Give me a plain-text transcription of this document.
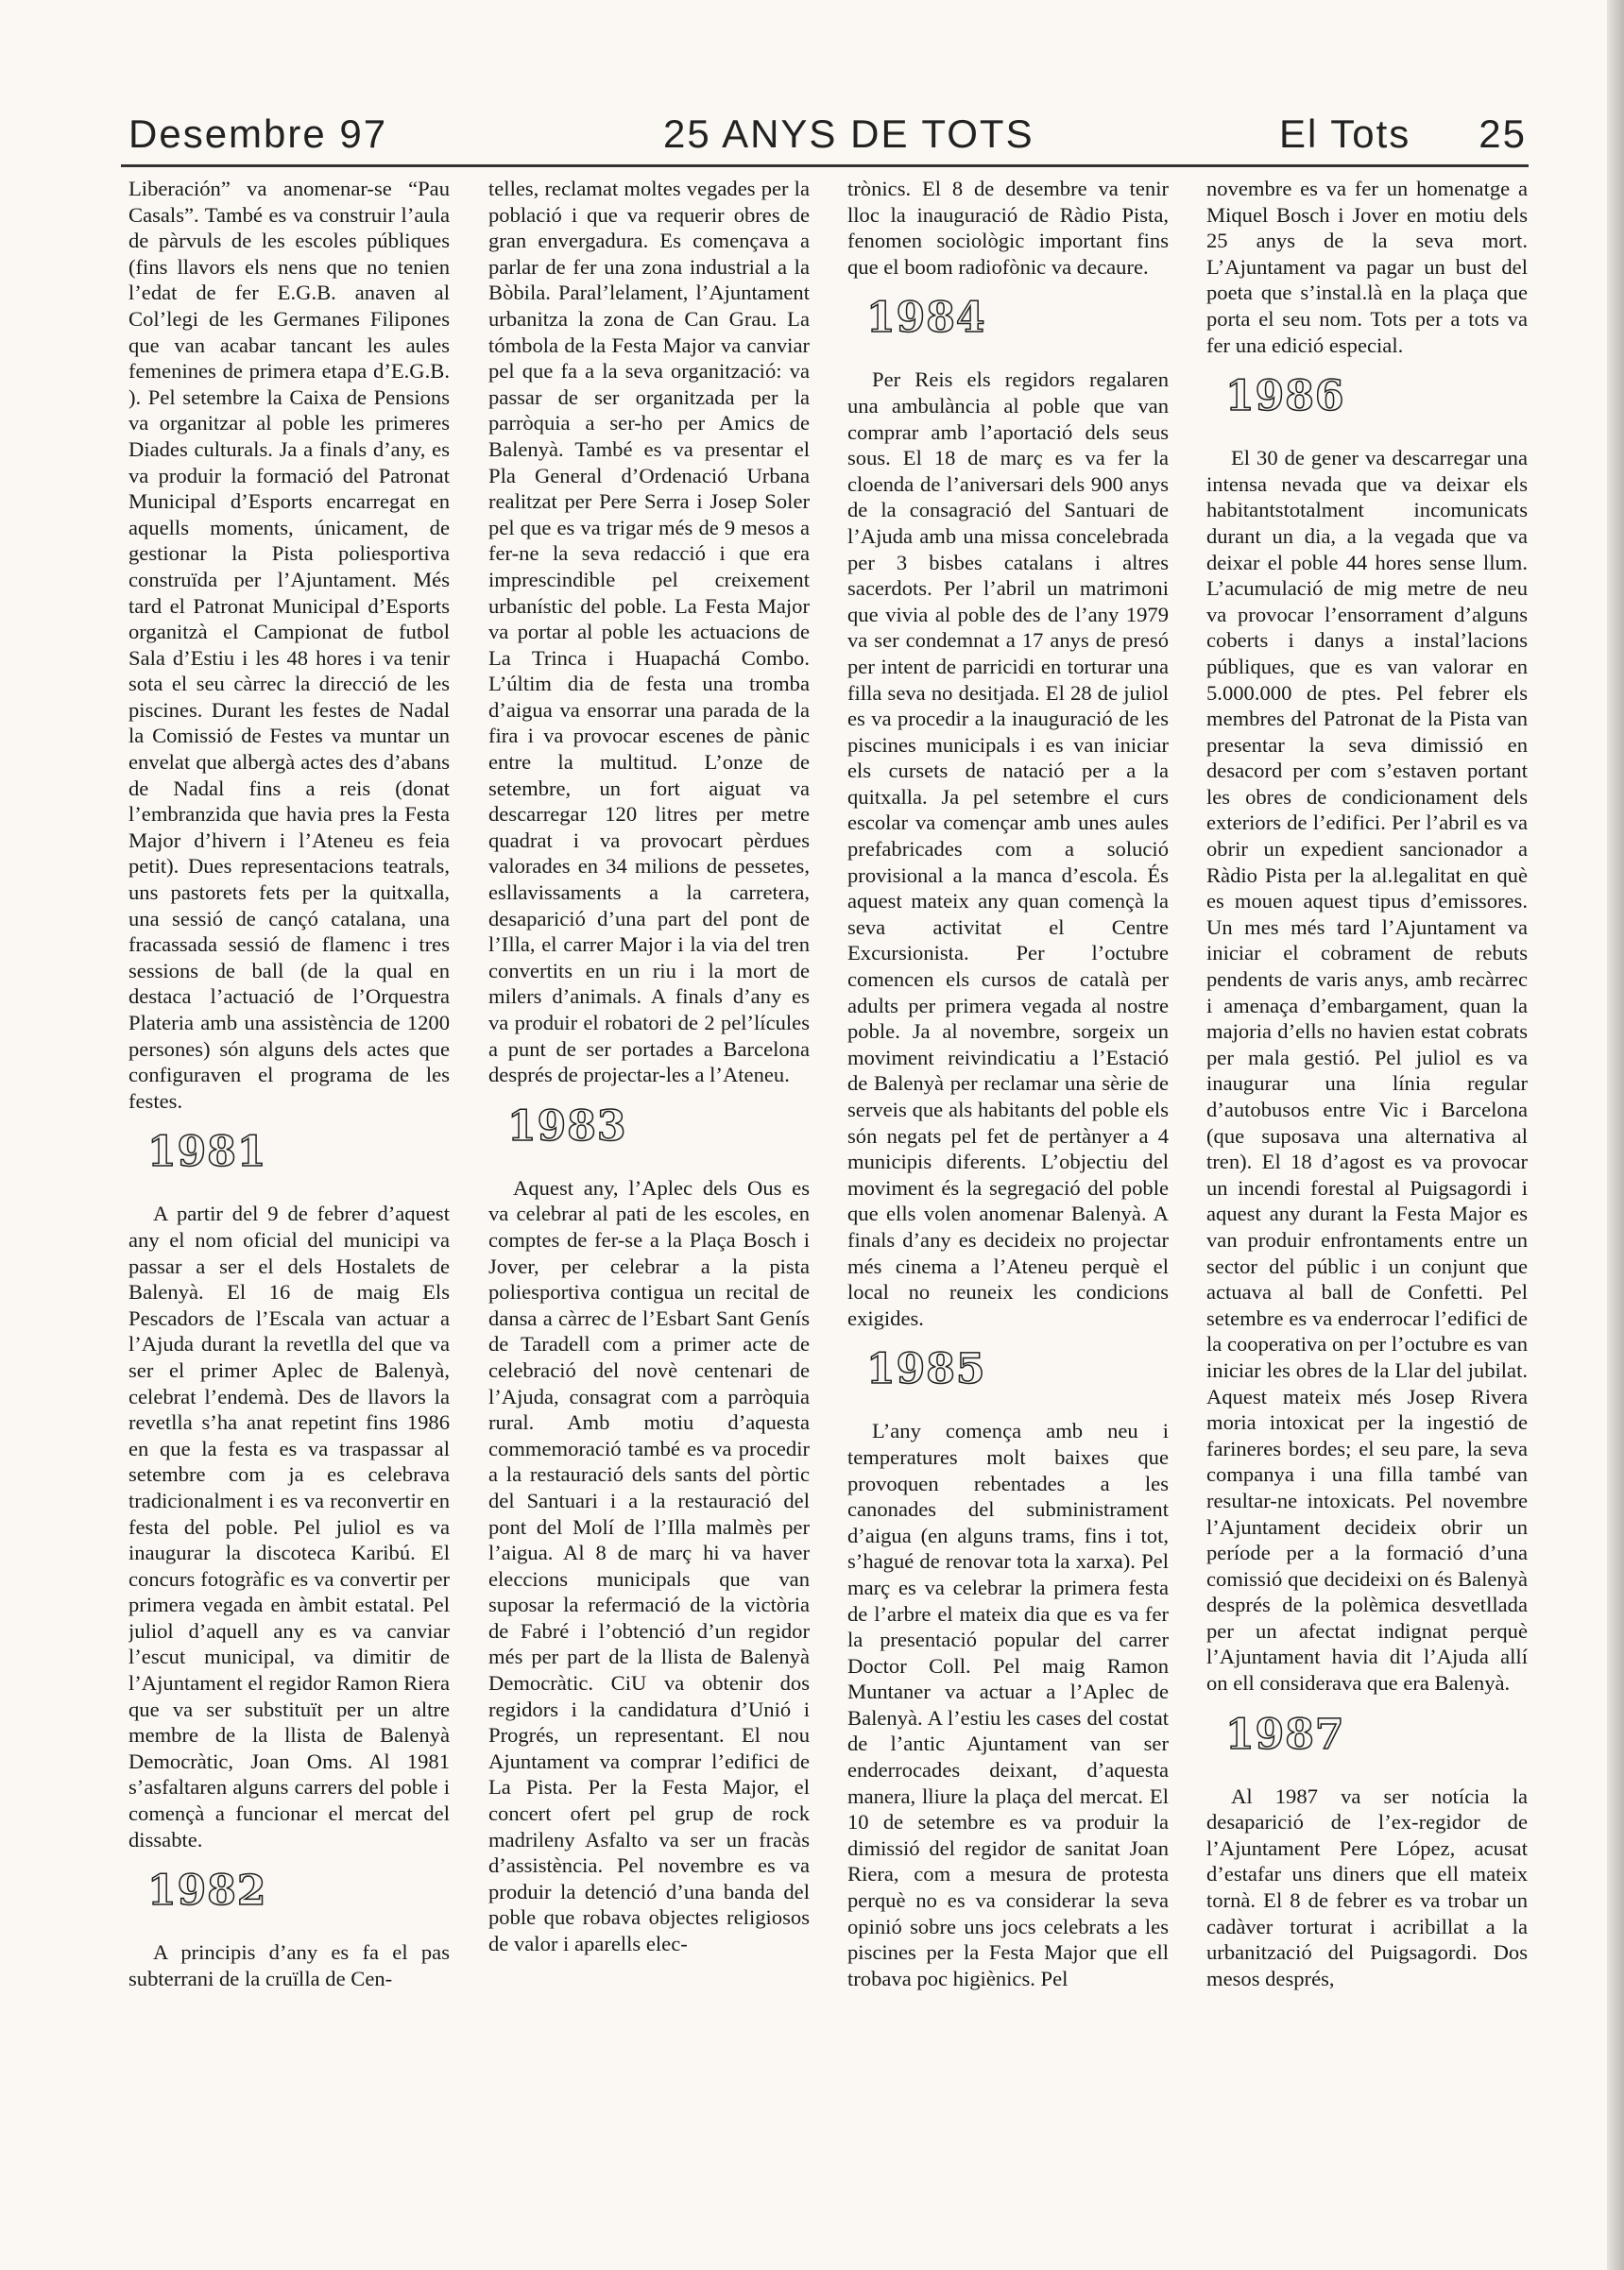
Desembre 97	25 ANYS DE TOTS	El Tots 25

Liberación” va anomenar-se “Pau Casals”. També es va construir l’aula de pàrvuls de les escoles públiques (fins llavors els nens que no tenien l’edat de fer E.G.B. anaven al Col’legi de les Germanes Filipones que van acabar tancant les aules femenines de primera etapa d’E.G.B. ). Pel setembre la Caixa de Pensions va organitzar al poble les primeres Diades culturals. Ja a finals d’any, es va produir la formació del Patronat Municipal d’Esports encarregat en aquells moments, únicament, de gestionar la Pista poliesportiva construïda per l’Ajuntament. Més tard el Patronat Municipal d’Esports organitzà el Campionat de futbol Sala d’Estiu i les 48 hores i va tenir sota el seu càrrec la direcció de les piscines. Durant les festes de Nadal la Comissió de Festes va muntar un envelat que albergà actes des d’abans de Nadal fins a reis (donat l’embranzida que havia pres la Festa Major d’hivern i l’Ateneu es feia petit). Dues representacions teatrals, uns pastorets fets per la quitxalla, una sessió de cançó catalana, una fracassada sessió de flamenc i tres sessions de ball (de la qual en destaca l’actuació de l’Orquestra Plateria amb una assistència de 1200 persones) són alguns dels actes que configuraven el programa de les festes.

1981

A partir del 9 de febrer d’aquest any el nom oficial del municipi va passar a ser el dels Hostalets de Balenyà. El 16 de maig Els Pescadors de l’Escala van actuar a l’Ajuda durant la revetlla del que va ser el primer Aplec de Balenyà, celebrat l’endemà. Des de llavors la revetlla s’ha anat repetint fins 1986 en que la festa es va traspassar al setembre com ja es celebrava tradicionalment i es va reconvertir en festa del poble. Pel juliol es va inaugurar la discoteca Karibú. El concurs fotogràfic es va convertir per primera vegada en àmbit estatal. Pel juliol d’aquell any es va canviar l’escut municipal, va dimitir de l’Ajuntament el regidor Ramon Riera que va ser substituït per un altre membre de la llista de Balenyà Democràtic, Joan Oms. Al 1981 s’asfaltaren alguns carrers del poble i començà a funcionar el mercat del dissabte.

1982

A principis d’any es fa el pas subterrani de la cruïlla de Cen-

telles, reclamat moltes vegades per la població i que va requerir obres de gran envergadura. Es començava a parlar de fer una zona industrial a la Bòbila. Paral’lelament, l’Ajuntament urbanitza la zona de Can Grau. La tómbola de la Festa Major va canviar pel que fa a la seva organització: va passar de ser organitzada per la parròquia a ser-ho per Amics de Balenyà. També es va presentar el Pla General d’Ordenació Urbana realitzat per Pere Serra i Josep Soler pel que es va trigar més de 9 mesos a fer-ne la seva redacció i que era imprescindible pel creixement urbanístic del poble. La Festa Major va portar al poble les actuacions de La Trinca i Huapachá Combo. L’últim dia de festa una tromba d’aigua va ensorrar una parada de la fira i va provocar escenes de pànic entre la multitud. L’onze de setembre, un fort aiguat va descarregar 120 litres per metre quadrat i va provocart pèrdues valorades en 34 milions de pessetes, esllavissaments a la carretera, desaparició d’una part del pont de l’Illa, el carrer Major i la via del tren convertits en un riu i la mort de milers d’animals. A finals d’any es va produir el robatori de 2 pel’lícules a punt de ser portades a Barcelona després de projectar-les a l’Ateneu.

1983

Aquest any, l’Aplec dels Ous es va celebrar al pati de les escoles, en comptes de fer-se a la Plaça Bosch i Jover, per celebrar a la pista poliesportiva contigua un recital de dansa a càrrec de l’Esbart Sant Genís de Taradell com a primer acte de celebració del novè centenari de l’Ajuda, consagrat com a parròquia rural. Amb motiu d’aquesta commemoració també es va procedir a la restauració dels sants del pòrtic del Santuari i a la restauració del pont del Molí de l’Illa malmès per l’aigua. Al 8 de març hi va haver eleccions municipals que van suposar la refermació de la victòria de Fabré i l’obtenció d’un regidor més per part de la llista de Balenyà Democràtic. CiU va obtenir dos regidors i la candidatura d’Unió i Progrés, un representant. El nou Ajuntament va comprar l’edifici de La Pista. Per la Festa Major, el concert ofert pel grup de rock madrileny Asfalto va ser un fracàs d’assistència. Pel novembre es va produir la detenció d’una banda del poble que robava objectes religiosos de valor i aparells elec-

trònics. El 8 de desembre va tenir lloc la inauguració de Ràdio Pista, fenomen sociològic important fins que el boom radiofònic va decaure.

1984

Per Reis els regidors regalaren una ambulància al poble que van comprar amb l’aportació dels seus sous. El 18 de març es va fer la cloenda de l’aniversari dels 900 anys de la consagració del Santuari de l’Ajuda amb una missa concelebrada per 3 bisbes catalans i altres sacerdots. Per l’abril un matrimoni que vivia al poble des de l’any 1979 va ser condemnat a 17 anys de presó per intent de parricidi en torturar una filla seva no desitjada. El 28 de juliol es va procedir a la inauguració de les piscines municipals i es van iniciar els cursets de natació per a la quitxalla. Ja pel setembre el curs escolar va començar amb unes aules prefabricades com a solució provisional a la manca d’escola. És aquest mateix any quan començà la seva activitat el Centre Excursionista. Per l’octubre comencen els cursos de català per adults per primera vegada al nostre poble. Ja al novembre, sorgeix un moviment reivindicatiu a l’Estació de Balenyà per reclamar una sèrie de serveis que als habitants del poble els són negats pel fet de pertànyer a 4 municipis diferents. L’objectiu del moviment és la segregació del poble que ells volen anomenar Balenyà. A finals d’any es decideix no projectar més cinema a l’Ateneu perquè el local no reuneix les condicions exigides.

1985

L’any comença amb neu i temperatures molt baixes que provoquen rebentades a les canonades del subministrament d’aigua (en alguns trams, fins i tot, s’hagué de renovar tota la xarxa). Pel març es va celebrar la primera festa de l’arbre el mateix dia que es va fer la presentació popular del carrer Doctor Coll. Pel maig Ramon Muntaner va actuar a l’Aplec de Balenyà. A l’estiu les cases del costat de l’antic Ajuntament van ser enderrocades deixant, d’aquesta manera, lliure la plaça del mercat. El 10 de setembre es va produir la dimissió del regidor de sanitat Joan Riera, com a mesura de protesta perquè no es va considerar la seva opinió sobre uns jocs celebrats a les piscines per la Festa Major que ell trobava poc higiènics. Pel

novembre es va fer un homenatge a Miquel Bosch i Jover en motiu dels 25 anys de la seva mort. L’Ajuntament va pagar un bust del poeta que s’instal.là en la plaça que porta el seu nom. Tots per a tots va fer una edició especial.

1986

El 30 de gener va descarregar una intensa nevada que va deixar els habitantstotalment incomunicats durant un dia, a la vegada que va deixar el poble 44 hores sense llum. L’acumulació de mig metre de neu va provocar l’ensorrament d’alguns coberts i danys a instal’lacions públiques, que es van valorar en 5.000.000 de ptes. Pel febrer els membres del Patronat de la Pista van presentar la seva dimissió en desacord per com s’estaven portant les obres de condicionament dels exteriors de l’edifici. Per l’abril es va obrir un expedient sancionador a Ràdio Pista per la al.legalitat en què es mouen aquest tipus d’emissores. Un mes més tard l’Ajuntament va iniciar el cobrament de rebuts pendents de varis anys, amb recàrrec i amenaça d’embargament, quan la majoria d’ells no havien estat cobrats per mala gestió. Pel juliol es va inaugurar una línia regular d’autobusos entre Vic i Barcelona (que suposava una alternativa al tren). El 18 d’agost es va provocar un incendi forestal al Puigsagordi i aquest any durant la Festa Major es van produir enfrontaments entre un sector del públic i un conjunt que actuava al ball de Confetti. Pel setembre es va enderrocar l’edifici de la cooperativa on per l’octubre es van iniciar les obres de la Llar del jubilat. Aquest mateix més Josep Rivera moria intoxicat per la ingestió de farineres bordes; el seu pare, la seva companya i una filla també van resultar-ne intoxicats. Pel novembre l’Ajuntament decideix obrir un període per a la formació d’una comissió que decideixi on és Balenyà després de la polèmica desvetllada per un afectat indignat perquè l’Ajuntament havia dit l’Ajuda allí on ell considerava que era Balenyà.

1987

Al 1987 va ser notícia la desaparició de l’ex-regidor de l’Ajuntament Pere López, acusat d’estafar uns diners que ell mateix tornà. El 8 de febrer es va trobar un cadàver torturat i acribillat a la urbanització del Puigsagordi. Dos mesos després,
